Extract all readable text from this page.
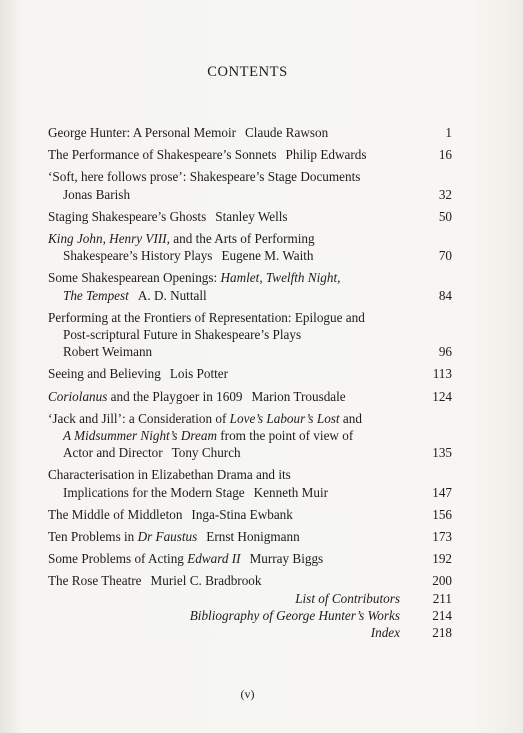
CONTENTS
George Hunter: A Personal Memoir Claude Rawson	1
The Performance of Shakespeare’s Sonnets Philip Edwards	16
‘Soft, here follows prose’: Shakespeare’s Stage Documents
Jonas Barish	32
Staging Shakespeare’s Ghosts Stanley Wells	50
King John, Henry VIII, and the Arts of Performing
Shakespeare’s History Plays Eugene M. Waith	70
Some Shakespearean Openings: Hamlet, Twelfth Night,
The Tempest A. D. Nuttall	84
Performing at the Frontiers of Representation: Epilogue and
Post-scriptural Future in Shakespeare’s Plays
Robert Weimann	96
Seeing and Believing Lois Potter	113
Coriolanus and the Playgoer in 1609 Marion Trousdale	124
‘Jack and Jill’: a Consideration of Love’s Labour’s Lost and
A Midsummer Night’s Dream from the point of view of
Actor and Director Tony Church	135
Characterisation in Elizabethan Drama and its
Implications for the Modern Stage Kenneth Muir	147
The Middle of Middleton Inga-Stina Ewbank	156
Ten Problems in Dr Faustus Ernst Honigmann	173
Some Problems of Acting Edward II Murray Biggs	192
The Rose Theatre Muriel C. Bradbrook	200
List of Contributors	211
Bibliography of George Hunter’s Works	214
Index	218
(v)
